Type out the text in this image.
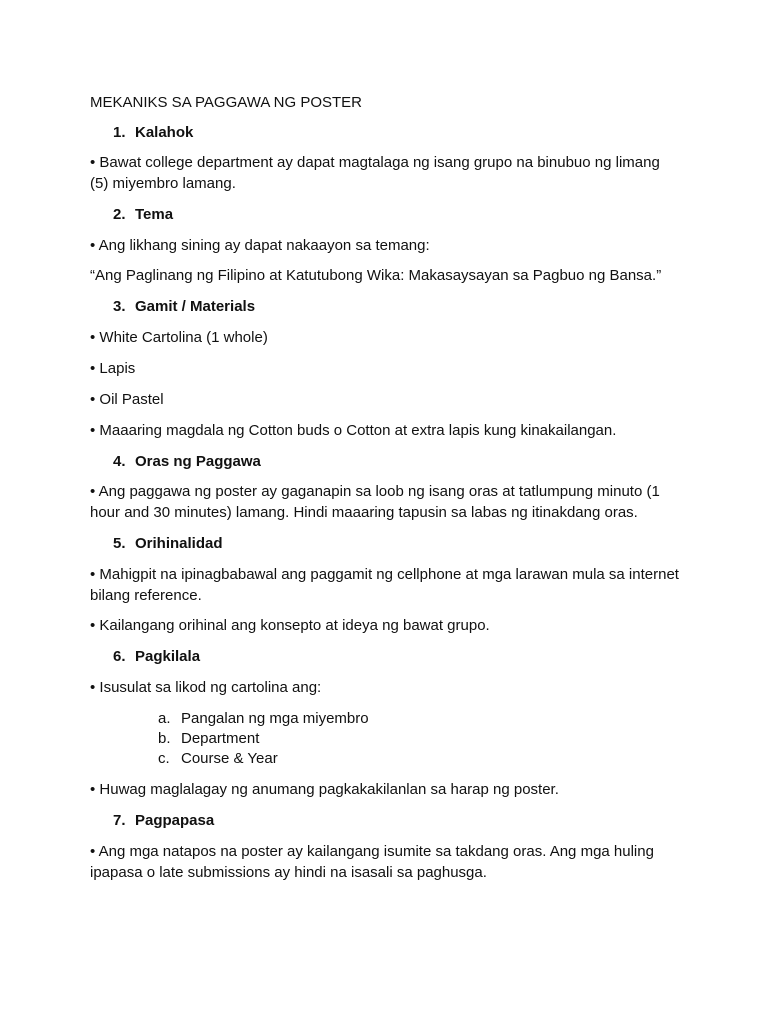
MEKANIKS SA PAGGAWA NG POSTER
1. Kalahok
• Bawat college department ay dapat magtalaga ng isang grupo na binubuo ng limang (5) miyembro lamang.
2. Tema
• Ang likhang sining ay dapat nakaayon sa temang:
“Ang Paglinang ng Filipino at Katutubong Wika: Makasaysayan sa Pagbuo ng Bansa.”
3. Gamit / Materials
• White Cartolina (1 whole)
• Lapis
• Oil Pastel
• Maaaring magdala ng Cotton buds o Cotton at extra lapis kung kinakailangan.
4. Oras ng Paggawa
• Ang paggawa ng poster ay gaganapin sa loob ng isang oras at tatlumpung minuto (1 hour and 30 minutes) lamang. Hindi maaaring tapusin sa labas ng itinakdang oras.
5. Orihinalidad
• Mahigpit na ipinagbabawal ang paggamit ng cellphone at mga larawan mula sa internet bilang reference.
• Kailangang orihinal ang konsepto at ideya ng bawat grupo.
6. Pagkilala
• Isusulat sa likod ng cartolina ang:
a. Pangalan ng mga miyembro
b. Department
c. Course & Year
• Huwag maglalagay ng anumang pagkakakilanlan sa harap ng poster.
7. Pagpapasa
• Ang mga natapos na poster ay kailangang isumite sa takdang oras. Ang mga huling ipapasa o late submissions ay hindi na isasali sa paghusga.
